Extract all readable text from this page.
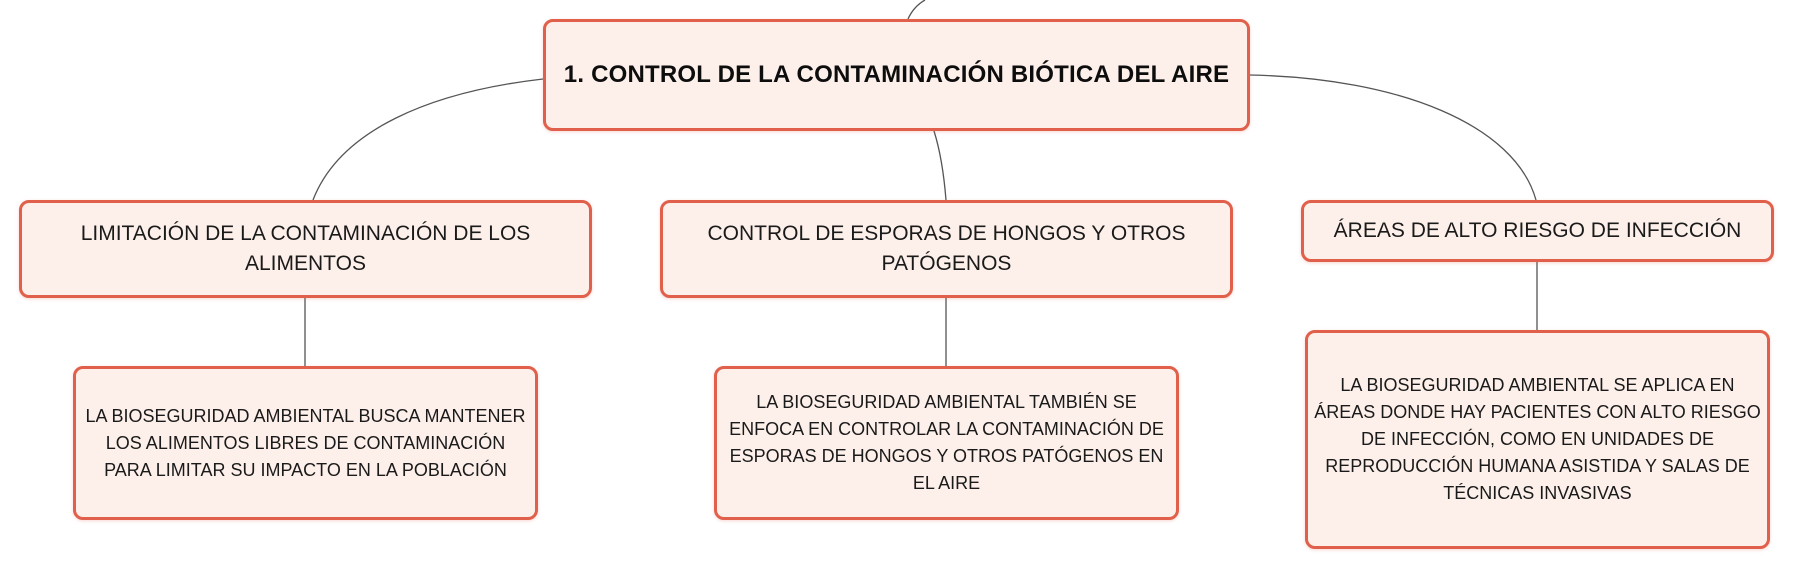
1. CONTROL DE LA CONTAMINACIÓN BIÓTICA DEL AIRE
LIMITACIÓN DE LA CONTAMINACIÓN DE LOS ALIMENTOS
CONTROL DE ESPORAS DE HONGOS Y OTROS PATÓGENOS
ÁREAS DE ALTO RIESGO DE INFECCIÓN
LA BIOSEGURIDAD AMBIENTAL BUSCA MANTENER LOS ALIMENTOS LIBRES DE CONTAMINACIÓN PARA LIMITAR SU IMPACTO EN LA POBLACIÓN
LA BIOSEGURIDAD AMBIENTAL TAMBIÉN SE ENFOCA EN CONTROLAR LA CONTAMINACIÓN DE ESPORAS DE HONGOS Y OTROS PATÓGENOS EN EL AIRE
LA BIOSEGURIDAD AMBIENTAL SE APLICA EN ÁREAS DONDE HAY PACIENTES CON ALTO RIESGO DE INFECCIÓN, COMO EN UNIDADES DE REPRODUCCIÓN HUMANA ASISTIDA Y SALAS DE TÉCNICAS INVASIVAS
